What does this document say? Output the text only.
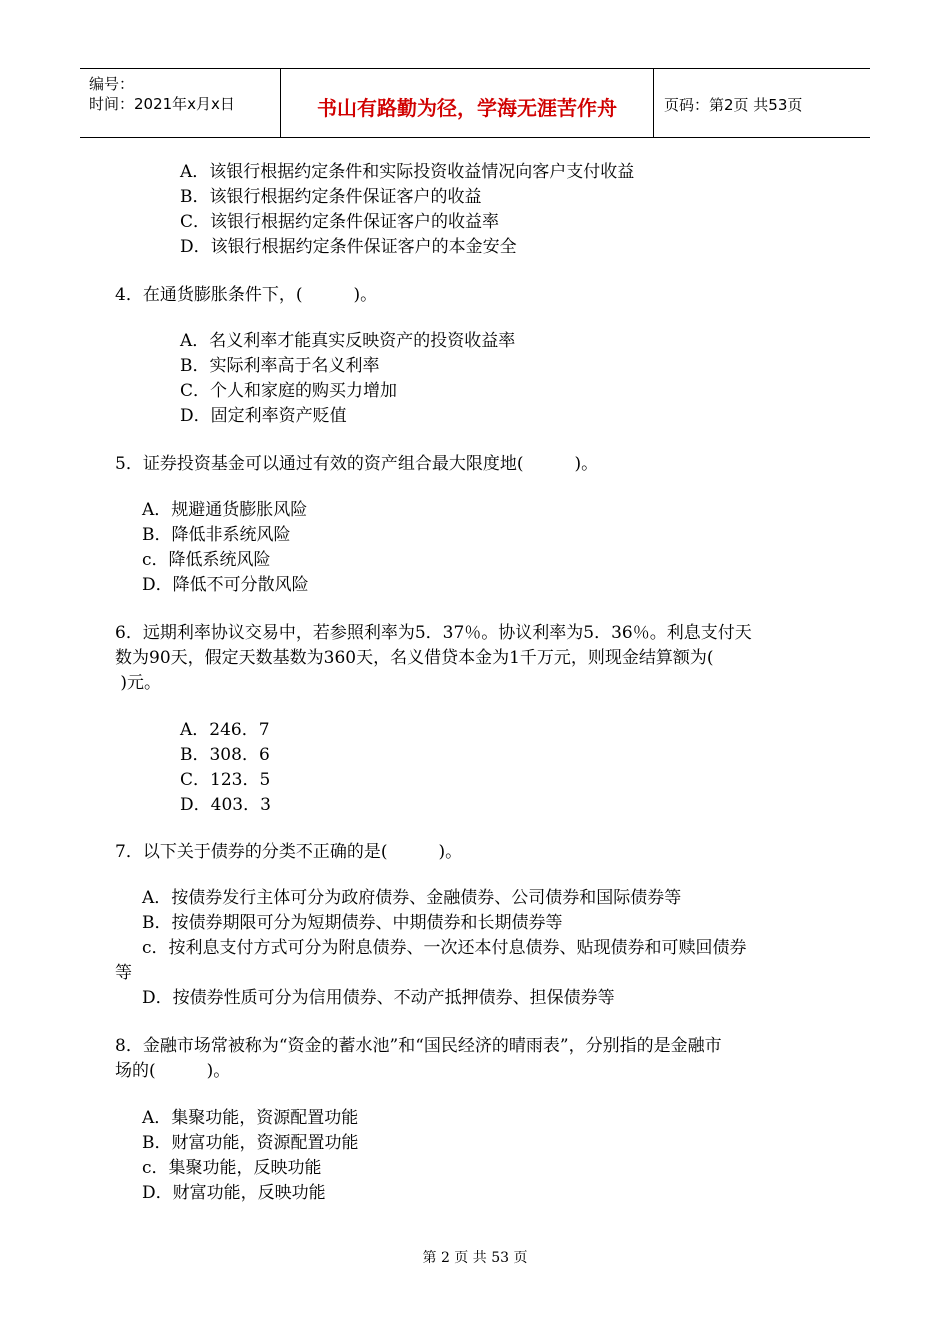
编号：
时间：2021年x月x日	书山有路勤为径，学海无涯苦作舟	页码：第2页 共53页
A．该银行根据约定条件和实际投资收益情况向客户支付收益
B．该银行根据约定条件保证客户的收益
C．该银行根据约定条件保证客户的收益率
D．该银行根据约定条件保证客户的本金安全
4．在通货膨胀条件下，(　　　)。
A．名义利率才能真实反映资产的投资收益率
B．实际利率高于名义利率
C．个人和家庭的购买力增加
D．固定利率资产贬值
5．证券投资基金可以通过有效的资产组合最大限度地(　　　)。
A．规避通货膨胀风险
B．降低非系统风险
c．降低系统风险
D．降低不可分散风险
6．远期利率协议交易中，若参照利率为5．37％。协议利率为5．36％。利息支付天
数为90天，假定天数基数为360天，名义借贷本金为1千万元，则现金结算额为(
)元。
A．246．7
B．308．6
C．123．5
D．403．3
7．以下关于债券的分类不正确的是(　　　)。
A．按债券发行主体可分为政府债券、金融债券、公司债券和国际债券等
B．按债券期限可分为短期债券、中期债券和长期债券等
c．按利息支付方式可分为附息债券、一次还本付息债券、贴现债券和可赎回债券
等
D．按债券性质可分为信用债券、不动产抵押债券、担保债券等
8．金融市场常被称为“资金的蓄水池”和“国民经济的晴雨表”，分别指的是金融市
场的(　　　)。
A．集聚功能，资源配置功能
B．财富功能，资源配置功能
c．集聚功能，反映功能
D．财富功能，反映功能
第 2 页 共 53 页
